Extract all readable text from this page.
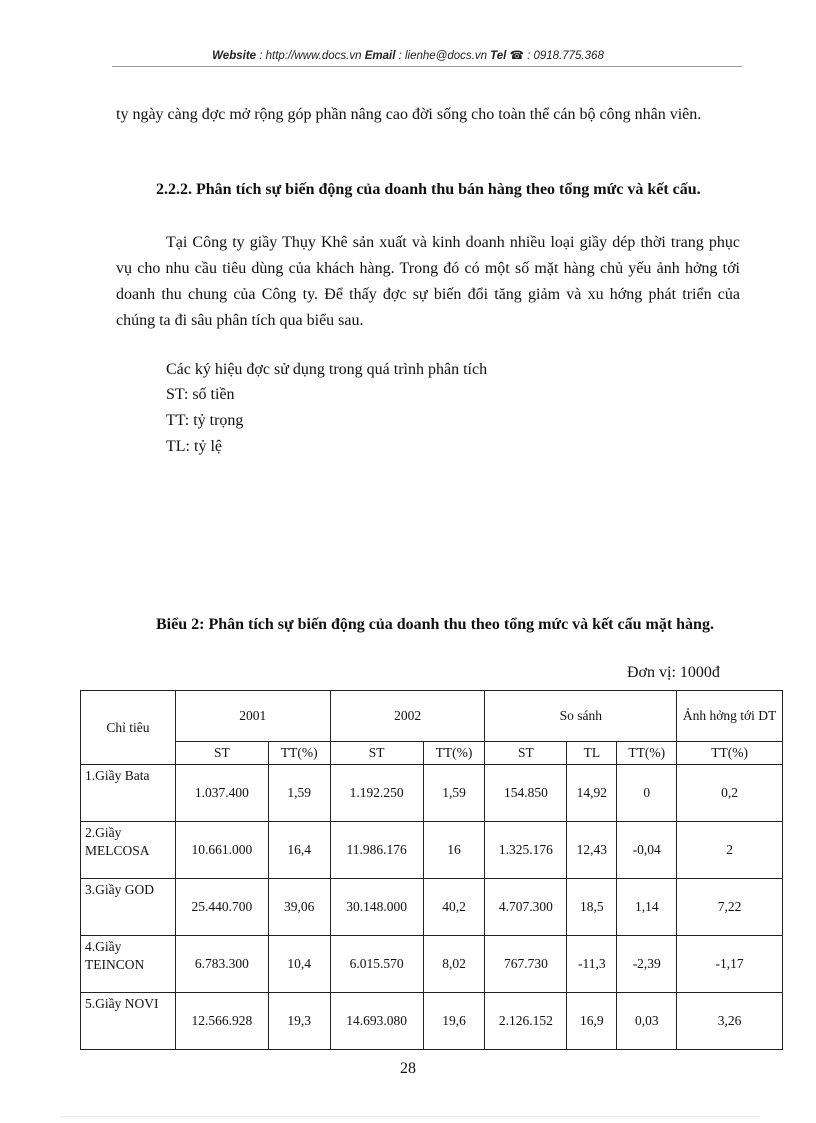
Website : http://www.docs.vn Email : lienhe@docs.vn Tel ☎ : 0918.775.368

ty ngày càng đợc mở rộng góp phần nâng cao đời sống cho toàn thể cán bộ công nhân viên.

2.2.2. Phân tích sự biến động của doanh thu bán hàng theo tổng mức và kết cấu.

Tại Công ty giầy Thụy Khê sản xuất và kinh doanh nhiều loại giầy dép thời trang phục vụ cho nhu cầu tiêu dùng của khách hàng. Trong đó có một số mặt hàng chủ yếu ảnh hởng tới doanh thu chung của Công ty. Để thấy đợc sự biến đổi tăng giảm và xu hớng phát triển của chúng ta đi sâu phân tích qua biểu sau.

Các ký hiệu đợc sử dụng trong quá trình phân tích

ST: số tiền

TT: tỷ trọng

TL: tỷ lệ

Biểu 2: Phân tích sự biến động của doanh thu theo tổng mức và kết cấu mặt hàng.

Đơn vị: 1000đ
Chỉ tiêu	2001		2002		So sánh			Ảnh hởng tới DT
	ST	TT(%)	ST	TT(%)	ST	TL	TT(%)	TT(%)
1.Giầy Bata	1.037.400	1,59	1.192.250	1,59	154.850	14,92	0	0,2
2.Giầy MELCOSA	10.661.000	16,4	11.986.176	16	1.325.176	12,43	-0,04	2
3.Giầy GOD	25.440.700	39,06	30.148.000	40,2	4.707.300	18,5	1,14	7,22
4.Giầy TEINCON	6.783.300	10,4	6.015.570	8,02	767.730	-11,3	-2,39	-1,17
5.Giầy NOVI	12.566.928	19,3	14.693.080	19,6	2.126.152	16,9	0,03	3,26
28
